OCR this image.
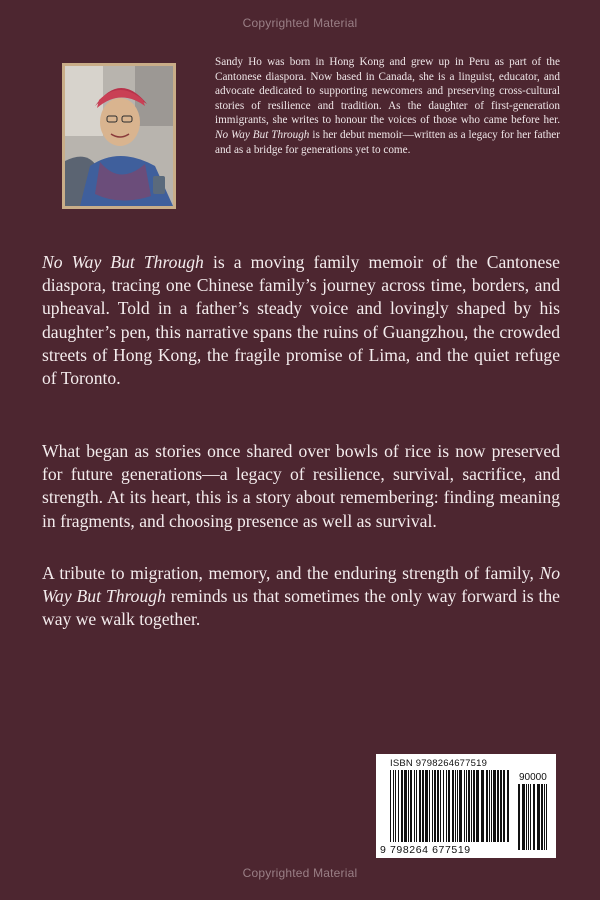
Copyrighted Material

Sandy Ho was born in Hong Kong and grew up in Peru as part of the Cantonese diaspora. Now based in Canada, she is a linguist, educator, and advocate dedicated to supporting newcomers and preserving cross-cultural stories of resilience and tradition. As the daughter of first-generation immigrants, she writes to honour the voices of those who came before her. No Way But Through is her debut memoir—written as a legacy for her father and as a bridge for generations yet to come.

No Way But Through is a moving family memoir of the Cantonese diaspora, tracing one Chinese family’s journey across time, borders, and upheaval. Told in a father’s steady voice and lovingly shaped by his daughter’s pen, this narrative spans the ruins of Guangzhou, the crowded streets of Hong Kong, the fragile promise of Lima, and the quiet refuge of Toronto.

What began as stories once shared over bowls of rice is now preserved for future generations—a legacy of resilience, survival, sacrifice, and strength. At its heart, this is a story about remembering: finding meaning in fragments, and choosing presence as well as survival.

A tribute to migration, memory, and the enduring strength of family, No Way But Through reminds us that sometimes the only way forward is the way we walk together.

ISBN 9798264677519
90000
9 798264 677519
Copyrighted Material
